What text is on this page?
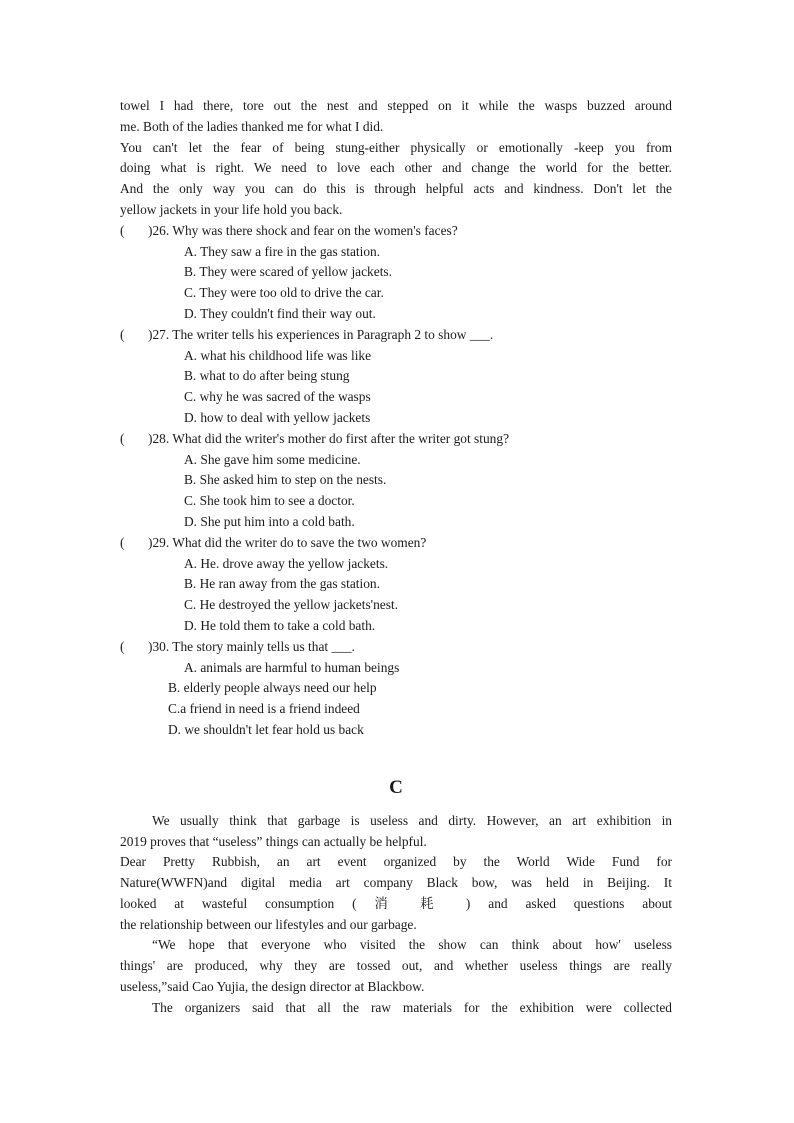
towel I had there, tore out the nest and stepped on it while the wasps buzzed around
me. Both of the ladies thanked me for what I did.
You can't let the fear of being stung-either physically or emotionally -keep you from
doing what is right. We need to love each other and change the world for the better.
And the only way you can do this is through helpful acts and kindness. Don't let the
yellow jackets in your life hold you back.
( )26. Why was there shock and fear on the women's faces?
A. They saw a fire in the gas station.
B. They were scared of yellow jackets.
C. They were too old to drive the car.
D. They couldn't find their way out.
( )27. The writer tells his experiences in Paragraph 2 to show ___.
A. what his childhood life was like
B. what to do after being stung
C. why he was sacred of the wasps
D. how to deal with yellow jackets
( )28. What did the writer's mother do first after the writer got stung?
A. She gave him some medicine.
B. She asked him to step on the nests.
C. She took him to see a doctor.
D. She put him into a cold bath.
( )29. What did the writer do to save the two women?
A. He. drove away the yellow jackets.
B. He ran away from the gas station.
C. He destroyed the yellow jackets'nest.
D. He told them to take a cold bath.
( )30. The story mainly tells us that ___.
A. animals are harmful to human beings
B. elderly people always need our help
C.a friend in need is a friend indeed
D. we shouldn't let fear hold us back
C
We usually think that garbage is useless and dirty. However, an art exhibition in
2019 proves that “useless” things can actually be helpful.
Dear Pretty Rubbish, an art event organized by the World Wide Fund for
Nature(WWFN)and digital media art company Black bow, was held in Beijing. It
looked at wasteful consumption ( 消 耗 ) and asked questions about
the relationship between our lifestyles and our garbage.
“We hope that everyone who visited the show can think about how' useless
things' are produced, why they are tossed out, and whether useless things are really
useless,”said Cao Yujia, the design director at Blackbow.
The organizers said that all the raw materials for the exhibition were collected
